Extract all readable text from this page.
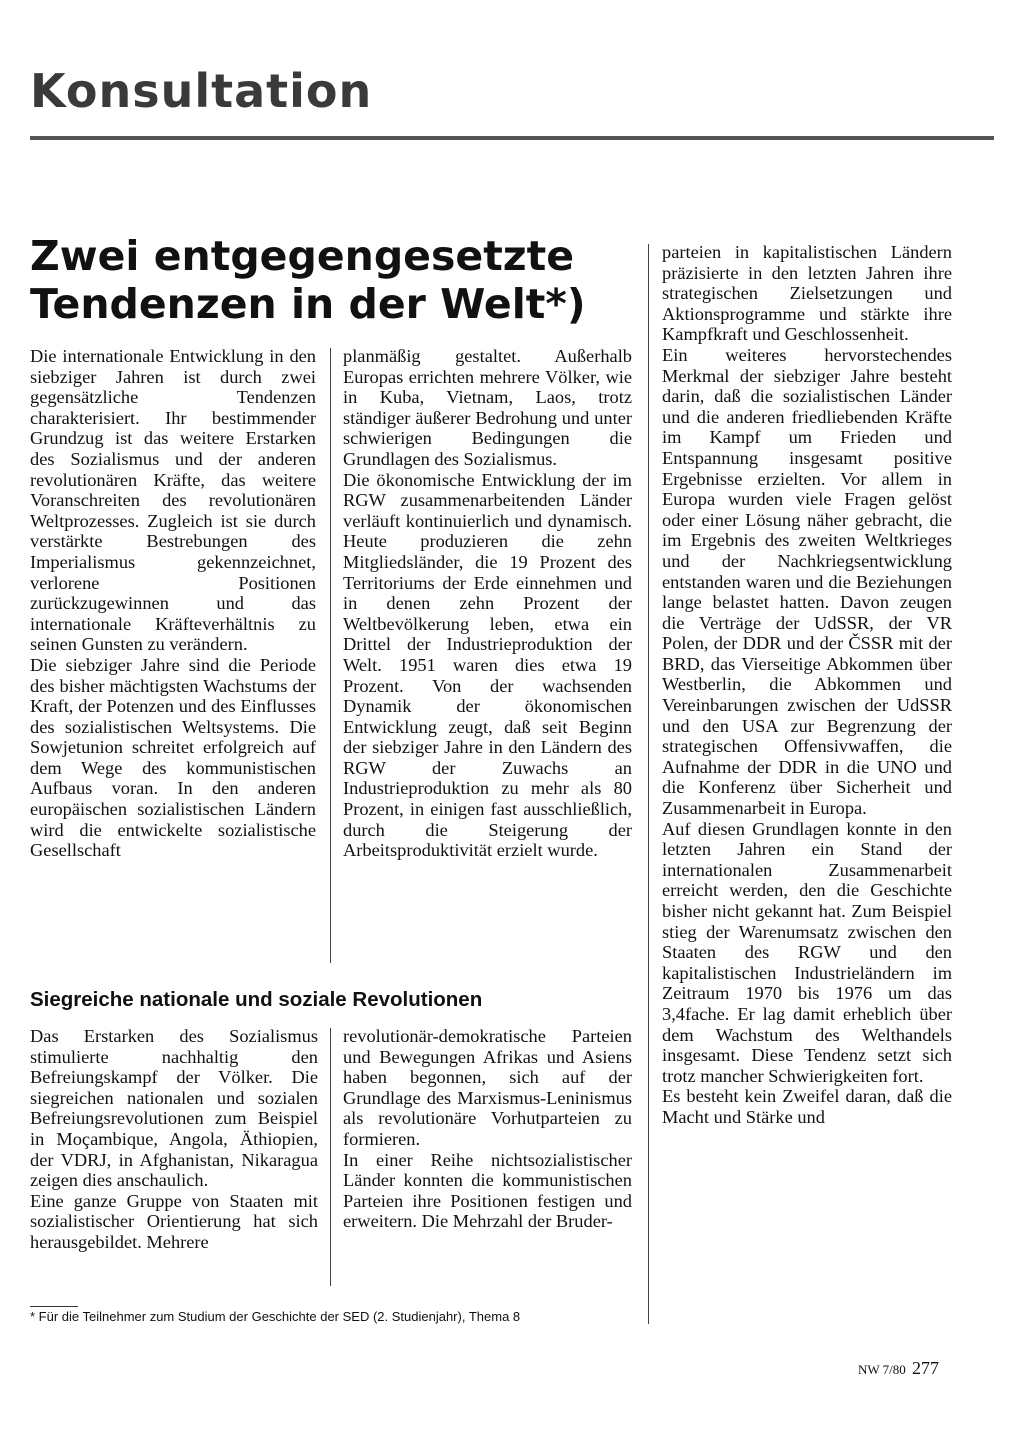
Konsultation
Zwei entgegengesetzte
Tendenzen in der Welt*)

Die internationale Entwicklung in den siebziger Jahren ist durch zwei gegensätzliche Tendenzen charakterisiert. Ihr bestimmender Grundzug ist das weitere Erstarken des Sozialismus und der anderen revolutionären Kräfte, das weitere Voranschreiten des revolutionären Weltprozesses. Zugleich ist sie durch verstärkte Bestrebungen des Imperialismus gekennzeichnet, verlorene Positionen zurückzugewinnen und das internationale Kräfteverhältnis zu seinen Gunsten zu verändern.

Die siebziger Jahre sind die Periode des bisher mächtigsten Wachstums der Kraft, der Potenzen und des Einflusses des sozialistischen Weltsystems. Die Sowjetunion schreitet erfolgreich auf dem Wege des kommunistischen Aufbaus voran. In den anderen europäischen sozialistischen Ländern wird die entwickelte sozialistische Gesellschaft

planmäßig gestaltet. Außerhalb Europas errichten mehrere Völker, wie in Kuba, Vietnam, Laos, trotz ständiger äußerer Bedrohung und unter schwierigen Bedingungen die Grundlagen des Sozialismus.

Die ökonomische Entwicklung der im RGW zusammenarbeitenden Länder verläuft kontinuierlich und dynamisch. Heute produzieren die zehn Mitgliedsländer, die 19 Prozent des Territoriums der Erde einnehmen und in denen zehn Prozent der Weltbevölkerung leben, etwa ein Drittel der Industrieproduktion der Welt. 1951 waren dies etwa 19 Prozent. Von der wachsenden Dynamik der ökonomischen Entwicklung zeugt, daß seit Beginn der siebziger Jahre in den Ländern des RGW der Zuwachs an Industrieproduktion zu mehr als 80 Prozent, in einigen fast ausschließlich, durch die Steigerung der Arbeitsproduktivität erzielt wurde.

parteien in kapitalistischen Ländern präzisierte in den letzten Jahren ihre strategischen Zielsetzungen und Aktionsprogramme und stärkte ihre Kampfkraft und Geschlossenheit.

Ein weiteres hervorstechendes Merkmal der siebziger Jahre besteht darin, daß die sozialistischen Länder und die anderen friedliebenden Kräfte im Kampf um Frieden und Entspannung insgesamt positive Ergebnisse erzielten. Vor allem in Europa wurden viele Fragen gelöst oder einer Lösung näher gebracht, die im Ergebnis des zweiten Weltkrieges und der Nachkriegsentwicklung entstanden waren und die Beziehungen lange belastet hatten. Davon zeugen die Verträge der UdSSR, der VR Polen, der DDR und der ČSSR mit der BRD, das Vierseitige Abkommen über Westberlin, die Abkommen und Vereinbarungen zwischen der UdSSR und den USA zur Begrenzung der strategischen Offensivwaffen, die Aufnahme der DDR in die UNO und die Konferenz über Sicherheit und Zusammenarbeit in Europa.

Auf diesen Grundlagen konnte in den letzten Jahren ein Stand der internationalen Zusammenarbeit erreicht werden, den die Geschichte bisher nicht gekannt hat. Zum Beispiel stieg der Warenumsatz zwischen den Staaten des RGW und den kapitalistischen Industrieländern im Zeitraum 1970 bis 1976 um das 3,4fache. Er lag damit erheblich über dem Wachstum des Welthandels insgesamt. Diese Tendenz setzt sich trotz mancher Schwierigkeiten fort.

Es besteht kein Zweifel daran, daß die Macht und Stärke und

Siegreiche nationale und soziale Revolutionen

Das Erstarken des Sozialismus stimulierte nachhaltig den Befreiungskampf der Völker. Die siegreichen nationalen und sozialen Befreiungsrevolutionen zum Beispiel in Moçambique, Angola, Äthiopien, der VDRJ, in Afghanistan, Nikaragua zeigen dies anschaulich.

Eine ganze Gruppe von Staaten mit sozialistischer Orientierung hat sich herausgebildet. Mehrere

revolutionär-demokratische Parteien und Bewegungen Afrikas und Asiens haben begonnen, sich auf der Grundlage des Marxismus-Leninismus als revolutionäre Vorhutparteien zu formieren.

In einer Reihe nichtsozialistischer Länder konnten die kommunistischen Parteien ihre Positionen festigen und erweitern. Die Mehrzahl der Bruder-

* Für die Teilnehmer zum Studium der Geschichte der SED (2. Studienjahr), Thema 8
NW 7/80 277
